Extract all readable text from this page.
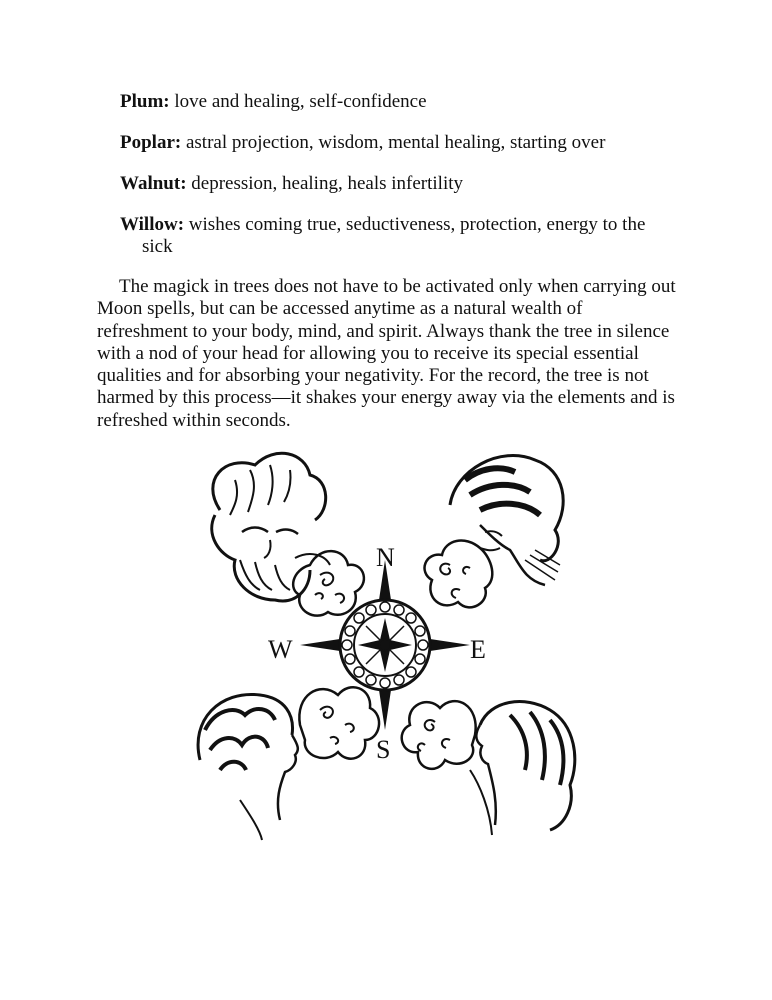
Plum: love and healing, self-confidence
Poplar: astral projection, wisdom, mental healing, starting over
Walnut: depression, healing, heals infertility
Willow: wishes coming true, seductiveness, protection, energy to the
sick

The magick in trees does not have to be activated only when carrying out Moon spells, but can be accessed anytime as a natural wealth of refreshment to your body, mind, and spirit. Always thank the tree in silence with a nod of your head for allowing you to receive its special essential qualities and for absorbing your negativity. For the record, the tree is not harmed by this process—it shakes your energy away via the elements and is refreshed within seconds.

N
E
S
W
